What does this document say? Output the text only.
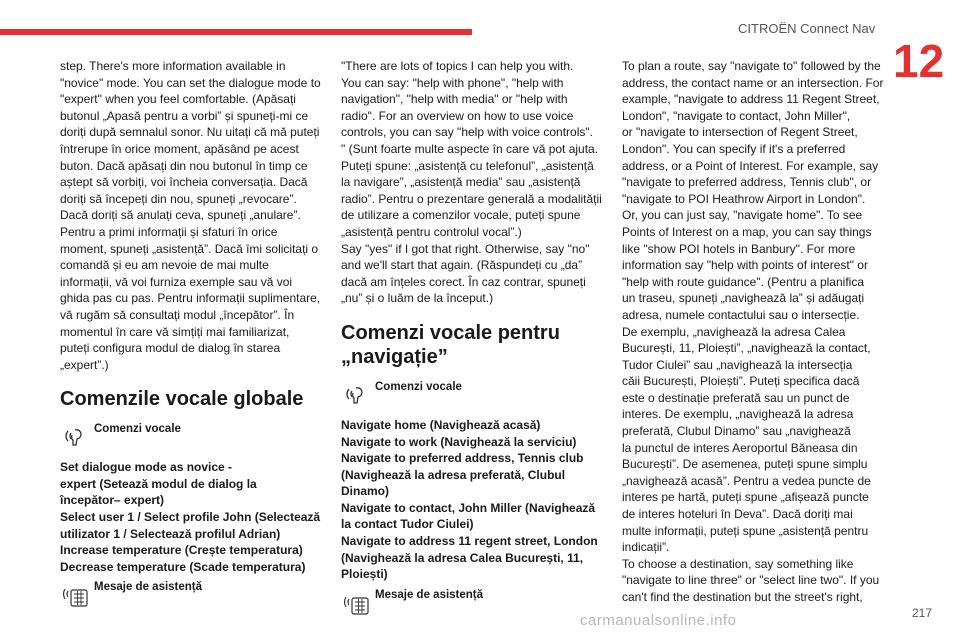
CITROËN Connect Nav
12

step. There's more information available in

"novice" mode. You can set the dialogue mode to

"expert" when you feel comfortable. (Apăsați

butonul „Apasă pentru a vorbi” și spuneți-mi ce

doriți după semnalul sonor. Nu uitați că mă puteți

întrerupe în orice moment, apăsând pe acest

buton. Dacă apăsați din nou butonul în timp ce

aștept să vorbiți, voi încheia conversația. Dacă

doriți să începeți din nou, spuneți „revocare”.

Dacă doriți să anulați ceva, spuneți „anulare”.

Pentru a primi informații și sfaturi în orice

moment, spuneți „asistență”. Dacă îmi solicitați o

comandă și eu am nevoie de mai multe

informații, vă voi furniza exemple sau vă voi

ghida pas cu pas. Pentru informații suplimentare,

vă rugăm să consultați modul „începător”. În

momentul în care vă simțiți mai familiarizat,

puteți configura modul de dialog în starea

„expert”.)

Comenzile vocale globale
Comenzi vocale

Set dialogue mode as novice -

expert (Setează modul de dialog la

începător– expert)

Select user 1 / Select profile John (Selectează

utilizator 1 / Selectează profilul Adrian)

Increase temperature (Crește temperatura)

Decrease temperature (Scade temperatura)

Mesaje de asistență

"There are lots of topics I can help you with.

You can say: "help with phone", "help with

navigation", "help with media" or "help with

radio". For an overview on how to use voice

controls, you can say "help with voice controls".

" (Sunt foarte multe aspecte în care vă pot ajuta.

Puteți spune: „asistență cu telefonul”, „asistență

la navigare”, „asistență media” sau „asistență

radio”. Pentru o prezentare generală a modalității

de utilizare a comenzilor vocale, puteți spune

„asistență pentru controlul vocal”.)

Say "yes" if I got that right. Otherwise, say "no"

and we'll start that again. (Răspundeți cu „da”

dacă am înțeles corect. În caz contrar, spuneți

„nu” și o luăm de la început.)

Comenzi vocale pentru
„navigație”
Comenzi vocale

Navigate home (Navighează acasă)

Navigate to work (Navighează la serviciu)

Navigate to preferred address, Tennis club

(Navighează la adresa preferată, Clubul

Dinamo)

Navigate to contact, John Miller (Navighează

la contact Tudor Ciulei)

Navigate to address 11 regent street, London

(Navighează la adresa Calea București, 11,

Ploiești)

Mesaje de asistență

To plan a route, say "navigate to" followed by the

address, the contact name or an intersection. For

example, "navigate to address 11 Regent Street,

London", "navigate to contact, John Miller",

or "navigate to intersection of Regent Street,

London". You can specify if it's a preferred

address, or a Point of Interest. For example, say

"navigate to preferred address, Tennis club", or

"navigate to POI Heathrow Airport in London".

Or, you can just say, "navigate home". To see

Points of Interest on a map, you can say things

like "show POI hotels in Banbury". For more

information say "help with points of interest" or

"help with route guidance". (Pentru a planifica

un traseu, spuneți „navighează la” și adăugați

adresa, numele contactului sau o intersecție.

De exemplu, „navighează la adresa Calea

București, 11, Ploiești”, „navighează la contact,

Tudor Ciulei” sau „navighează la intersecția

căii București, Ploiești”. Puteți specifica dacă

este o destinație preferată sau un punct de

interes. De exemplu, „navighează la adresa

preferată, Clubul Dinamo” sau „navighează

la punctul de interes Aeroportul Băneasa din

București”. De asemenea, puteți spune simplu

„navighează acasă”. Pentru a vedea puncte de

interes pe hartă, puteți spune „afișează puncte

de interes hoteluri în Deva”. Dacă doriți mai

multe informații, puteți spune „asistență pentru

indicații”.

To choose a destination, say something like

"navigate to line three" or "select line two". If you

can't find the destination but the street's right,

carmanualsonline.info	217
